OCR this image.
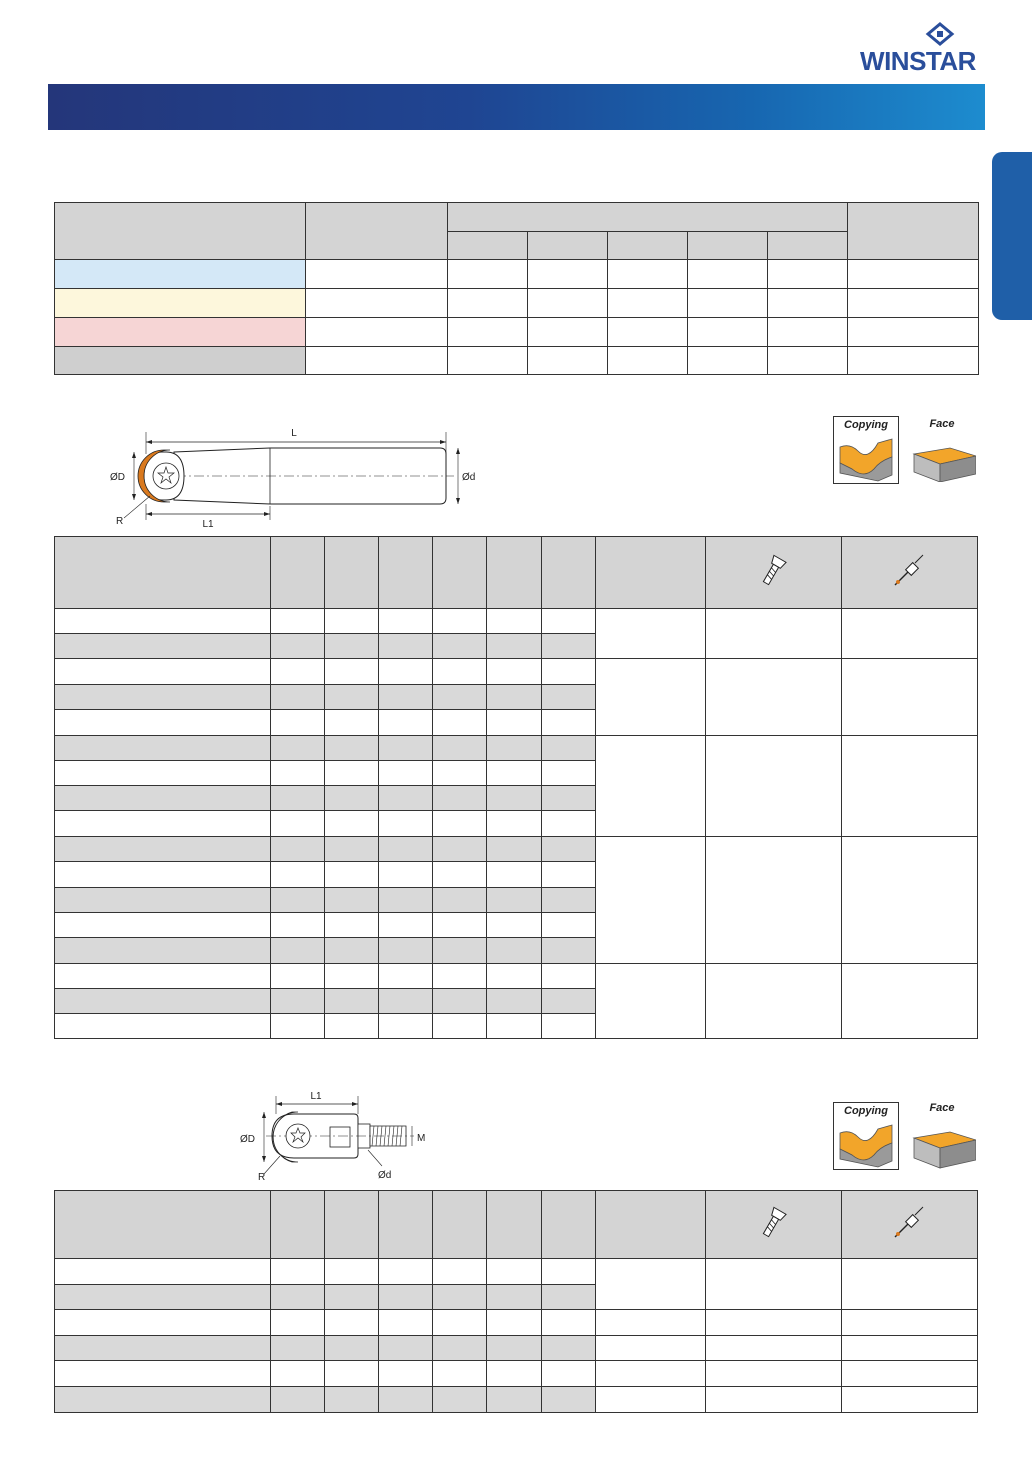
WINSTAR

L
ØD	Ød
R	L1
Copying	Face

L1
ØD	M
R	Ød
Copying	Face
